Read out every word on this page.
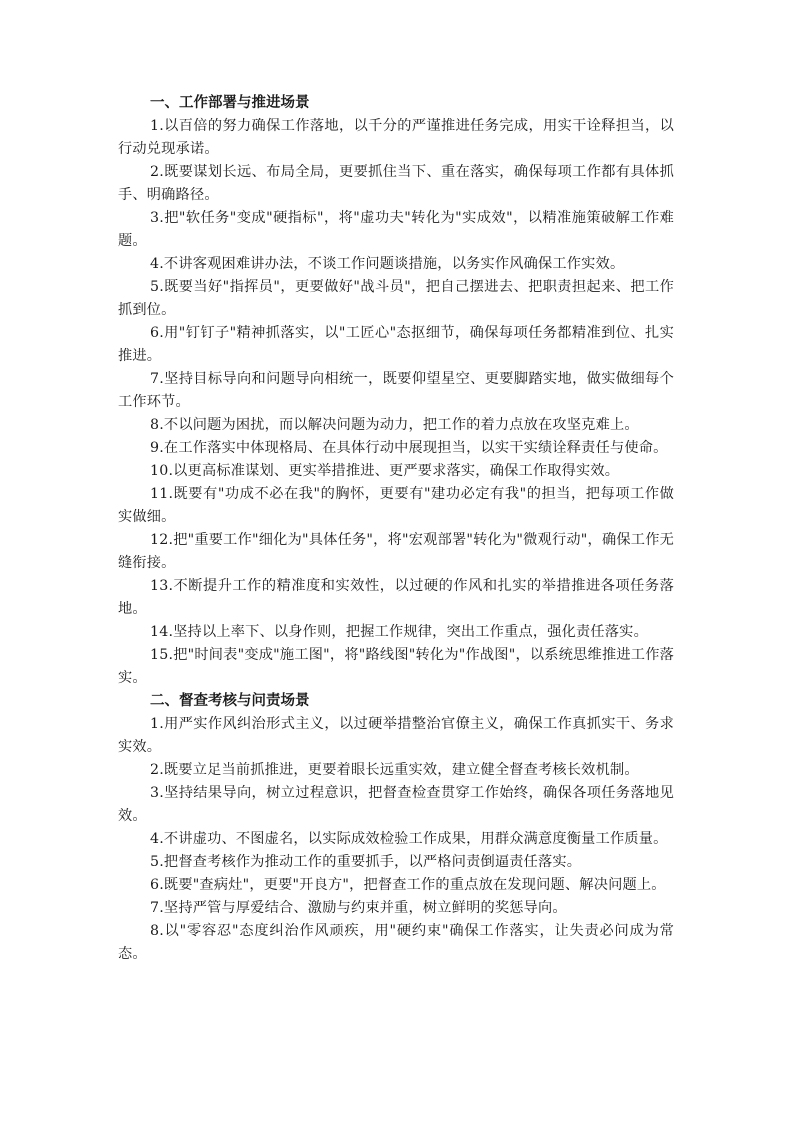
一、工作部署与推进场景

1.以百倍的努力确保工作落地，以千分的严谨推进任务完成，用实干诠释担当，以行动兑现承诺。

2.既要谋划长远、布局全局，更要抓住当下、重在落实，确保每项工作都有具体抓手、明确路径。

3.把"软任务"变成"硬指标"，将"虚功夫"转化为"实成效"，以精准施策破解工作难题。

4.不讲客观困难讲办法，不谈工作问题谈措施，以务实作风确保工作实效。

5.既要当好"指挥员"，更要做好"战斗员"，把自己摆进去、把职责担起来、把工作抓到位。

6.用"钉钉子"精神抓落实，以"工匠心"态抠细节，确保每项任务都精准到位、扎实推进。

7.坚持目标导向和问题导向相统一，既要仰望星空、更要脚踏实地，做实做细每个工作环节。

8.不以问题为困扰，而以解决问题为动力，把工作的着力点放在攻坚克难上。

9.在工作落实中体现格局、在具体行动中展现担当，以实干实绩诠释责任与使命。

10.以更高标准谋划、更实举措推进、更严要求落实，确保工作取得实效。

11.既要有"功成不必在我"的胸怀，更要有"建功必定有我"的担当，把每项工作做实做细。

12.把"重要工作"细化为"具体任务"，将"宏观部署"转化为"微观行动"，确保工作无缝衔接。

13.不断提升工作的精准度和实效性，以过硬的作风和扎实的举措推进各项任务落地。

14.坚持以上率下、以身作则，把握工作规律，突出工作重点，强化责任落实。

15.把"时间表"变成"施工图"，将"路线图"转化为"作战图"，以系统思维推进工作落实。

二、督查考核与问责场景

1.用严实作风纠治形式主义，以过硬举措整治官僚主义，确保工作真抓实干、务求实效。

2.既要立足当前抓推进，更要着眼长远重实效，建立健全督查考核长效机制。

3.坚持结果导向，树立过程意识，把督查检查贯穿工作始终，确保各项任务落地见效。

4.不讲虚功、不图虚名，以实际成效检验工作成果，用群众满意度衡量工作质量。

5.把督查考核作为推动工作的重要抓手，以严格问责倒逼责任落实。

6.既要"查病灶"，更要"开良方"，把督查工作的重点放在发现问题、解决问题上。

7.坚持严管与厚爱结合、激励与约束并重，树立鲜明的奖惩导向。

8.以"零容忍"态度纠治作风顽疾，用"硬约束"确保工作落实，让失责必问成为常态。
